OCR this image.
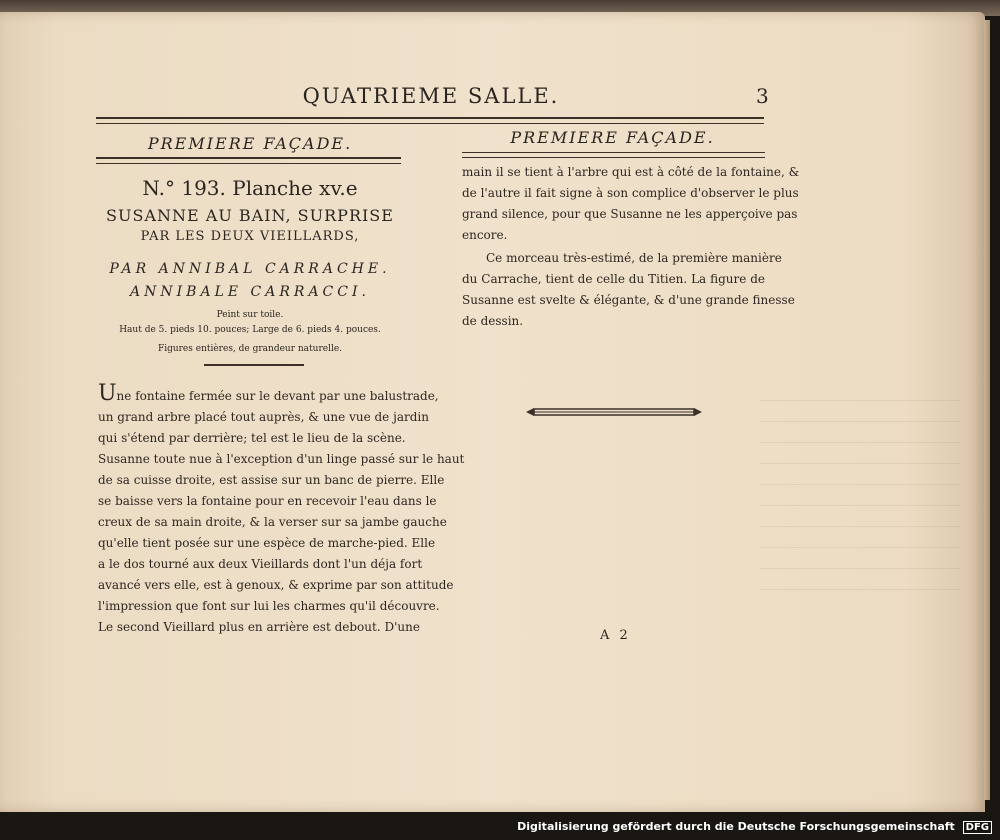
QUATRIEME SALLE.	3
PREMIERE FAÇADE.
N.° 193. Planche xv.e
SUSANNE AU BAIN, SURPRISE
PAR LES DEUX VIEILLARDS,
PAR ANNIBAL CARRACHE.
ANNIBALE CARRACCI.
Peint sur toile.
Haut de 5. pieds 10. pouces; Large de 6. pieds 4. pouces.
Figures entières, de grandeur naturelle.
Une fontaine fermée sur le devant par une balustrade,
un grand arbre placé tout auprès, & une vue de jardin
qui s'étend par derrière; tel est le lieu de la scène.
Susanne toute nue à l'exception d'un linge passé sur le haut
de sa cuisse droite, est assise sur un banc de pierre. Elle
se baisse vers la fontaine pour en recevoir l'eau dans le
creux de sa main droite, & la verser sur sa jambe gauche
qu'elle tient posée sur une espèce de marche-pied. Elle
a le dos tourné aux deux Vieillards dont l'un déja fort
avancé vers elle, est à genoux, & exprime par son attitude
l'impression que font sur lui les charmes qu'il découvre.
Le second Vieillard plus en arrière est debout. D'une
PREMIERE FAÇADE.
main il se tient à l'arbre qui est à côté de la fontaine, &
de l'autre il fait signe à son complice d'observer le plus
grand silence, pour que Susanne ne les apperçoive pas
encore.
Ce morceau très-estimé, de la première manière
du Carrache, tient de celle du Titien. La figure de
Susanne est svelte & élégante, & d'une grande finesse
de dessin.
A 2
Digitalisierung gefördert durch die Deutsche Forschungsgemeinschaft DFG
